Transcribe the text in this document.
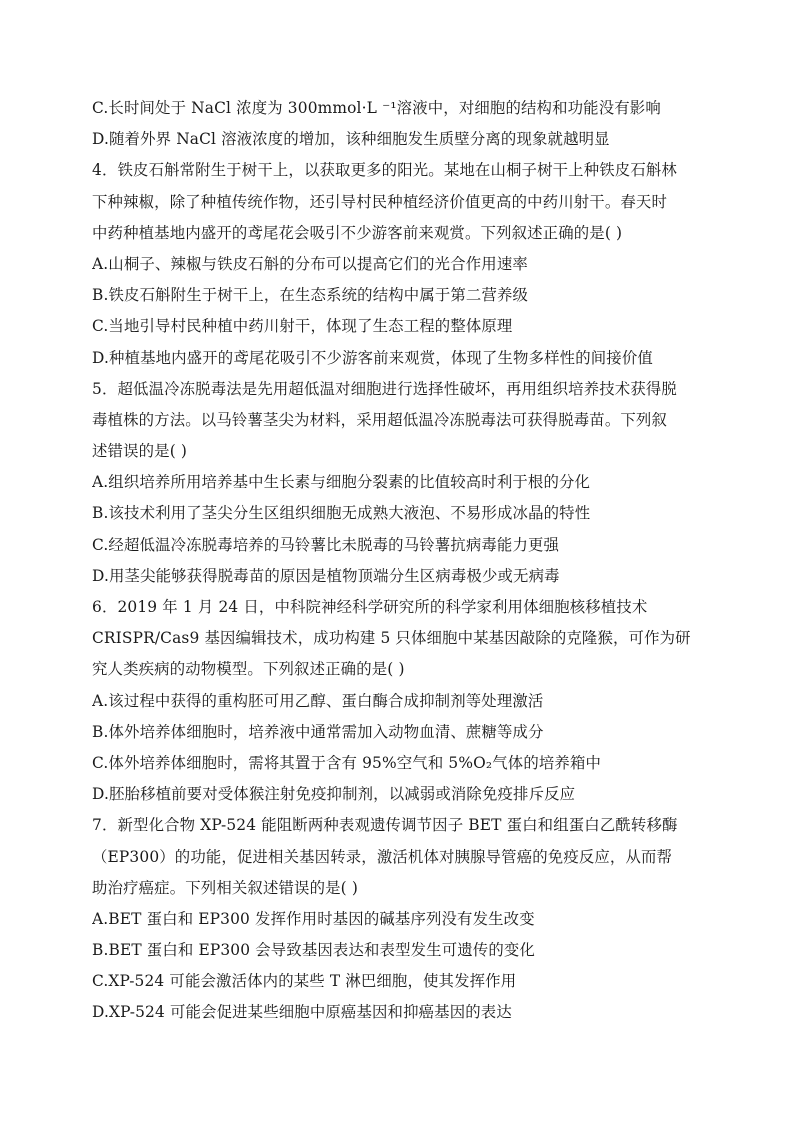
C.长时间处于 NaCl 浓度为 300mmol·L ⁻¹溶液中，对细胞的结构和功能没有影响
D.随着外界 NaCl 溶液浓度的增加，该种细胞发生质壁分离的现象就越明显
4．铁皮石斛常附生于树干上，以获取更多的阳光。某地在山桐子树干上种铁皮石斛林
下种辣椒，除了种植传统作物，还引导村民种植经济价值更高的中药川射干。春天时
中药种植基地内盛开的鸢尾花会吸引不少游客前来观赏。下列叙述正确的是( )
A.山桐子、辣椒与铁皮石斛的分布可以提高它们的光合作用速率
B.铁皮石斛附生于树干上，在生态系统的结构中属于第二营养级
C.当地引导村民种植中药川射干，体现了生态工程的整体原理
D.种植基地内盛开的鸢尾花吸引不少游客前来观赏，体现了生物多样性的间接价值
5．超低温冷冻脱毒法是先用超低温对细胞进行选择性破坏，再用组织培养技术获得脱
毒植株的方法。以马铃薯茎尖为材料，采用超低温冷冻脱毒法可获得脱毒苗。下列叙
述错误的是( )
A.组织培养所用培养基中生长素与细胞分裂素的比值较高时利于根的分化
B.该技术利用了茎尖分生区组织细胞无成熟大液泡、不易形成冰晶的特性
C.经超低温冷冻脱毒培养的马铃薯比未脱毒的马铃薯抗病毒能力更强
D.用茎尖能够获得脱毒苗的原因是植物顶端分生区病毒极少或无病毒
6．2019 年 1 月 24 日，中科院神经科学研究所的科学家利用体细胞核移植技术
CRISPR/Cas9 基因编辑技术，成功构建 5 只体细胞中某基因敲除的克隆猴，可作为研
究人类疾病的动物模型。下列叙述正确的是( )
A.该过程中获得的重构胚可用乙醇、蛋白酶合成抑制剂等处理激活
B.体外培养体细胞时，培养液中通常需加入动物血清、蔗糖等成分
C.体外培养体细胞时，需将其置于含有 95%空气和 5%O₂气体的培养箱中
D.胚胎移植前要对受体猴注射免疫抑制剂，以减弱或消除免疫排斥反应
7．新型化合物 XP-524 能阻断两种表观遗传调节因子 BET 蛋白和组蛋白乙酰转移酶
（EP300）的功能，促进相关基因转录，激活机体对胰腺导管癌的免疫反应，从而帮
助治疗癌症。下列相关叙述错误的是( )
A.BET 蛋白和 EP300 发挥作用时基因的碱基序列没有发生改变
B.BET 蛋白和 EP300 会导致基因表达和表型发生可遗传的变化
C.XP-524 可能会激活体内的某些 T 淋巴细胞，使其发挥作用
D.XP-524 可能会促进某些细胞中原癌基因和抑癌基因的表达
